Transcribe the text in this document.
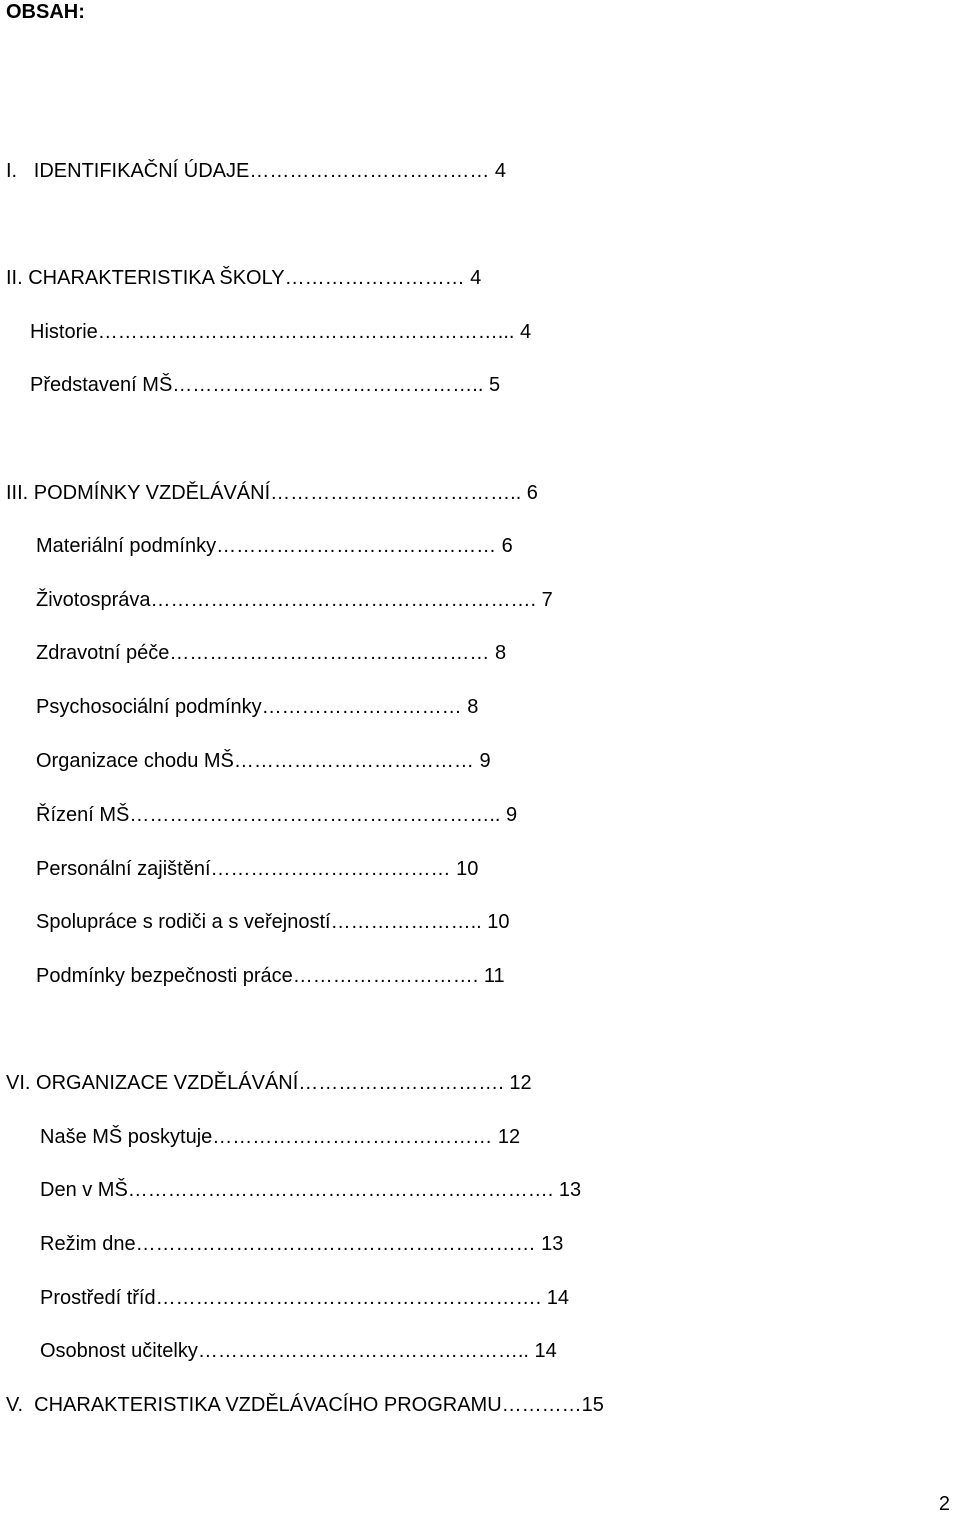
OBSAH:
I.   IDENTIFIKAČNÍ ÚDAJE……………………………… 4
II. CHARAKTERISTIKA ŠKOLY……………………… 4
Historie……………………………………………………... 4
Představení MŠ……………………………………….. 5
III. PODMÍNKY VZDĚLÁVÁNÍ……………………………….. 6
Materiální podmínky…………………………………… 6
Životospráva…………………………………………………. 7
Zdravotní péče………………………………………… 8
Psychosociální podmínky………………………… 8
Organizace chodu MŠ……………………………… 9
Řízení MŠ……………………………………………….. 9
Personální zajištění……………………………… 10
Spolupráce s rodiči a s veřejností………………….. 10
Podmínky bezpečnosti práce………………………. 11
VI. ORGANIZACE VZDĚLÁVÁNÍ…………………………. 12
Naše MŠ poskytuje…………………………………… 12
Den v MŠ………………………………………………………. 13
Režim dne…………………………………………………… 13
Prostředí tříd…………………………………………………. 14
Osobnost učitelky………………………………………….. 14
V.  CHARAKTERISTIKA VZDĚLÁVACÍHO PROGRAMU…………15
2
